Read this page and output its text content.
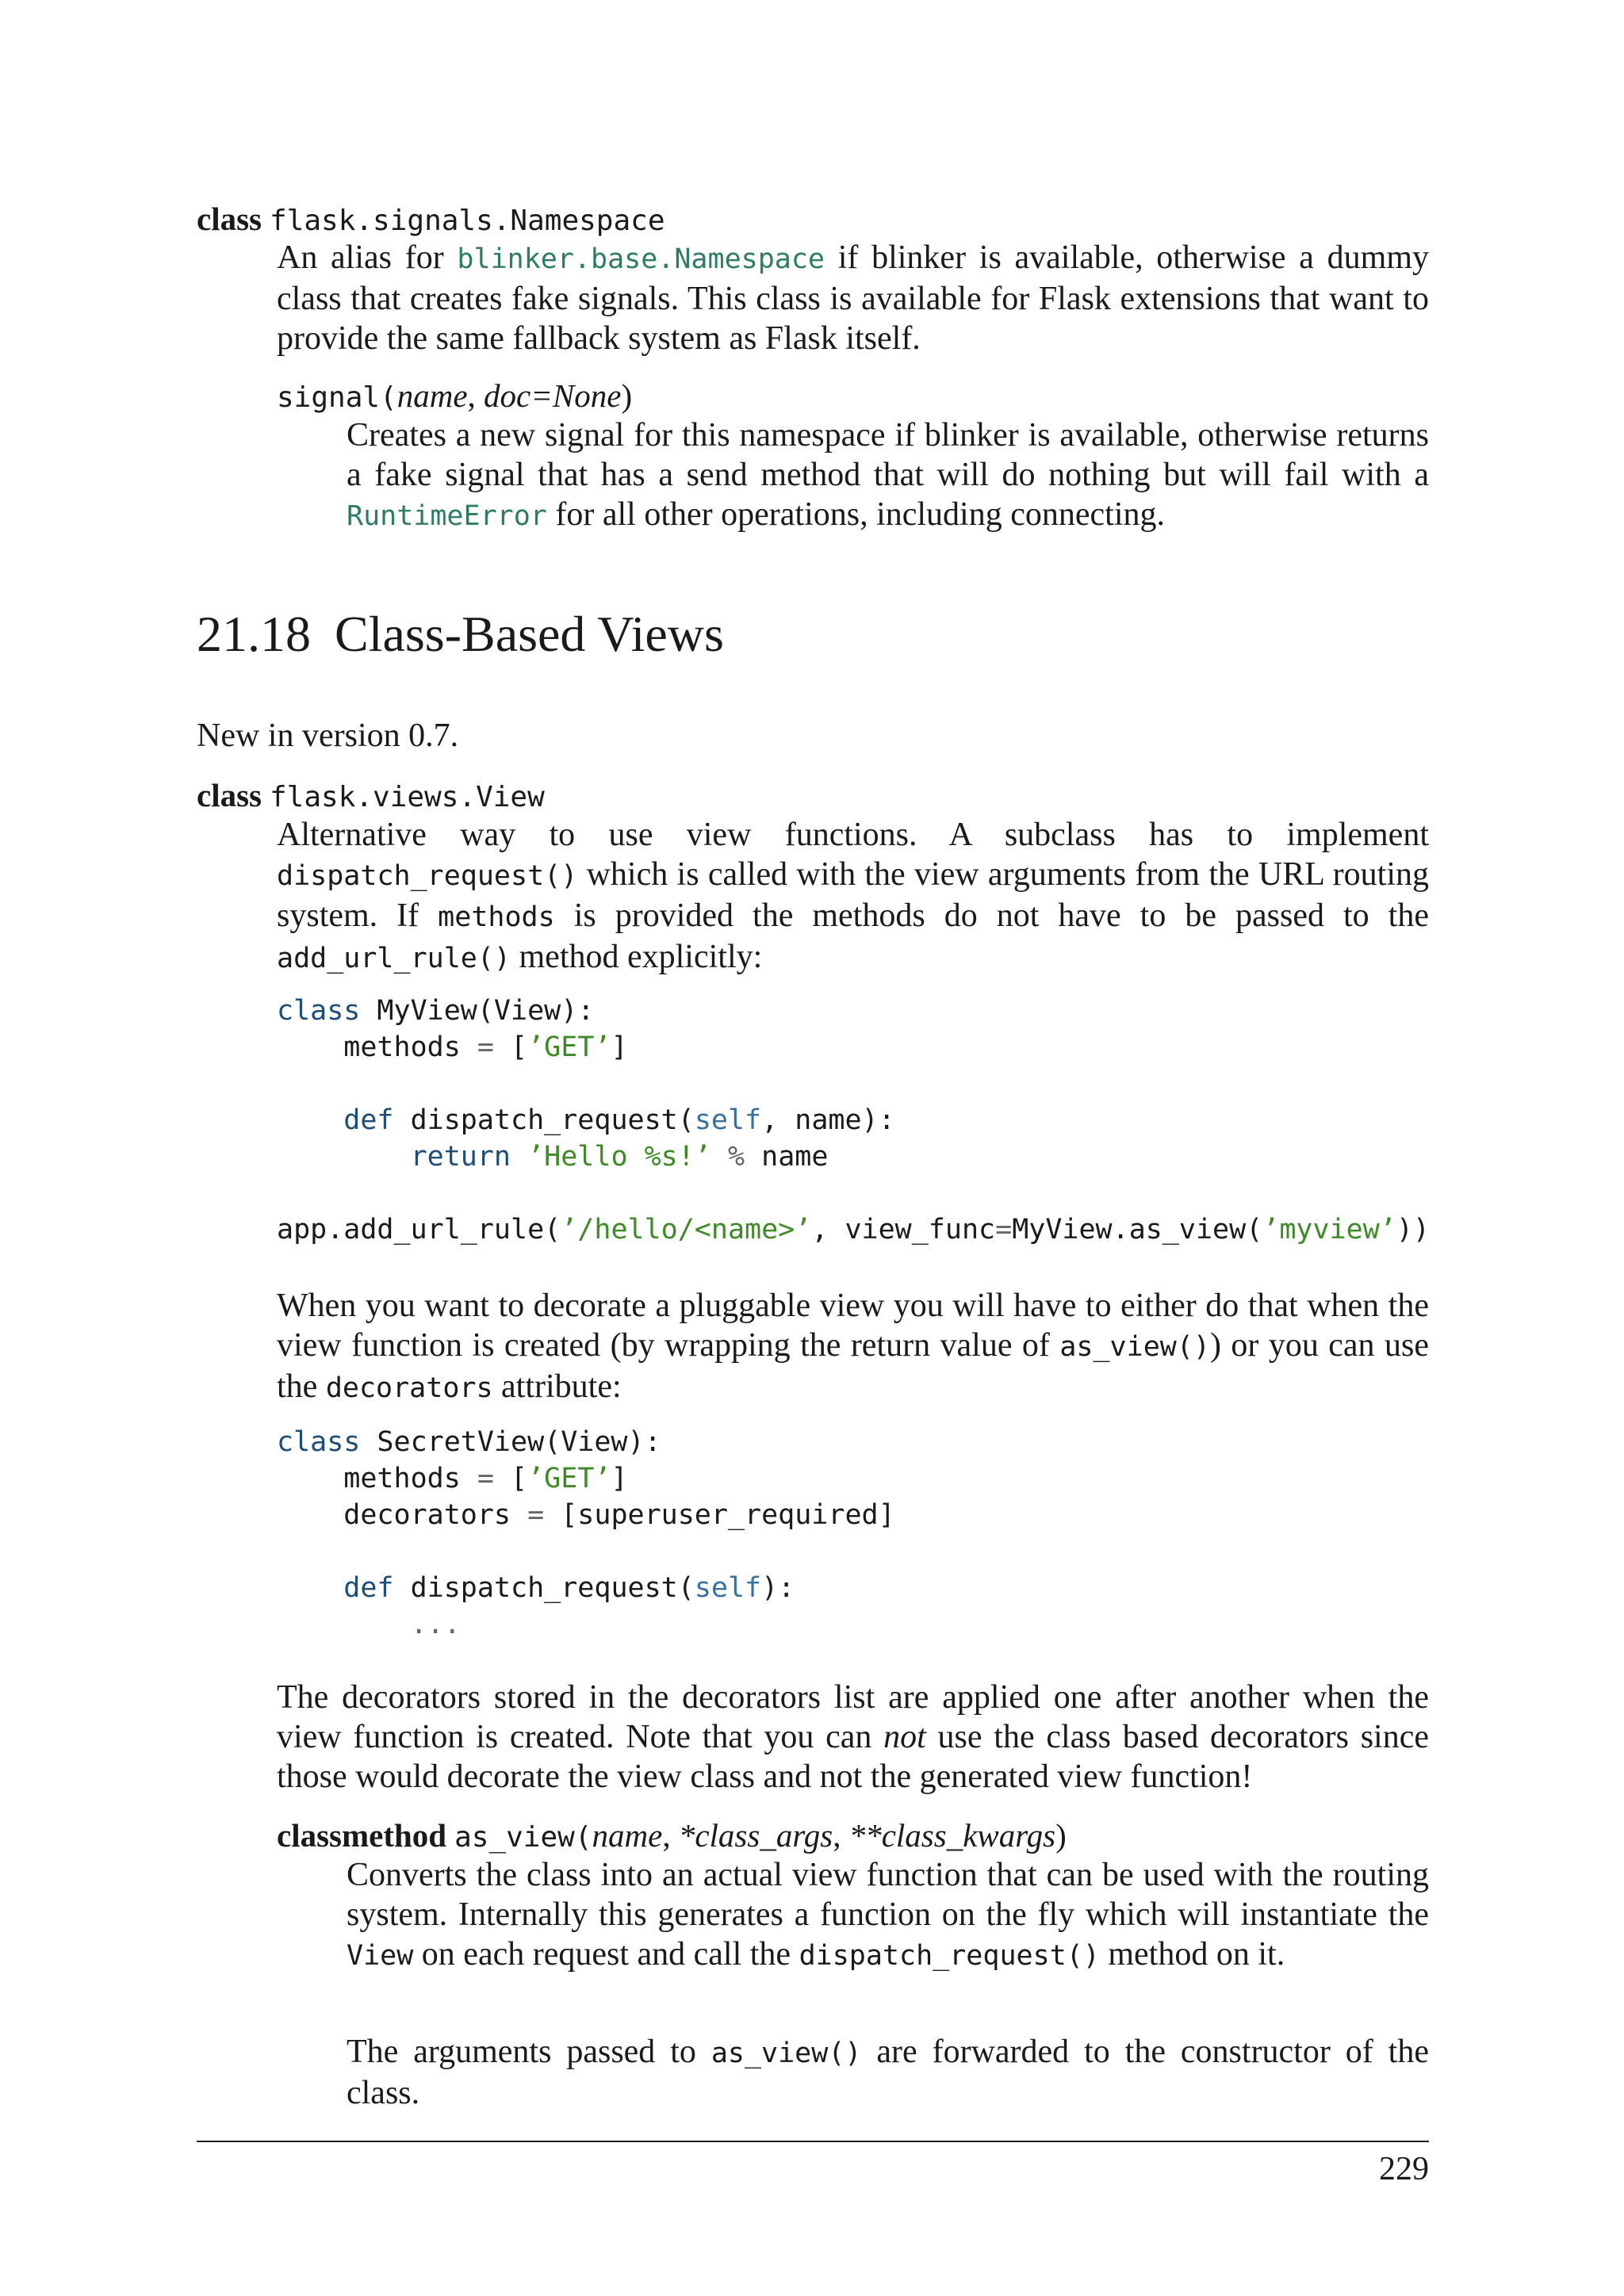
class flask.signals.Namespace
An alias for blinker.base.Namespace if blinker is available, otherwise a dummy class that creates fake signals. This class is available for Flask extensions that want to provide the same fallback system as Flask itself.
signal(name, doc=None)
Creates a new signal for this namespace if blinker is available, otherwise returns a fake signal that has a send method that will do nothing but will fail with a RuntimeError for all other operations, including connecting.
21.18 Class-Based Views
New in version 0.7.
class flask.views.View
Alternative way to use view functions. A subclass has to implement dispatch_request() which is called with the view arguments from the URL routing system. If methods is provided the methods do not have to be passed to the add_url_rule() method explicitly:
class MyView(View):
methods = [’GET’]

def dispatch_request(self, name):
return ’Hello %s!’ % name

app.add_url_rule(’/hello/<name>’, view_func=MyView.as_view(’myview’))
When you want to decorate a pluggable view you will have to either do that when the view function is created (by wrapping the return value of as_view()) or you can use the decorators attribute:
class SecretView(View):
methods = [’GET’]
decorators = [superuser_required]

def dispatch_request(self):
...
The decorators stored in the decorators list are applied one after another when the view function is created. Note that you can not use the class based decorators since those would decorate the view class and not the generated view function!
classmethod as_view(name, *class_args, **class_kwargs)
Converts the class into an actual view function that can be used with the routing system. Internally this generates a function on the fly which will instantiate the View on each request and call the dispatch_request() method on it.
The arguments passed to as_view() are forwarded to the constructor of the class.
229
